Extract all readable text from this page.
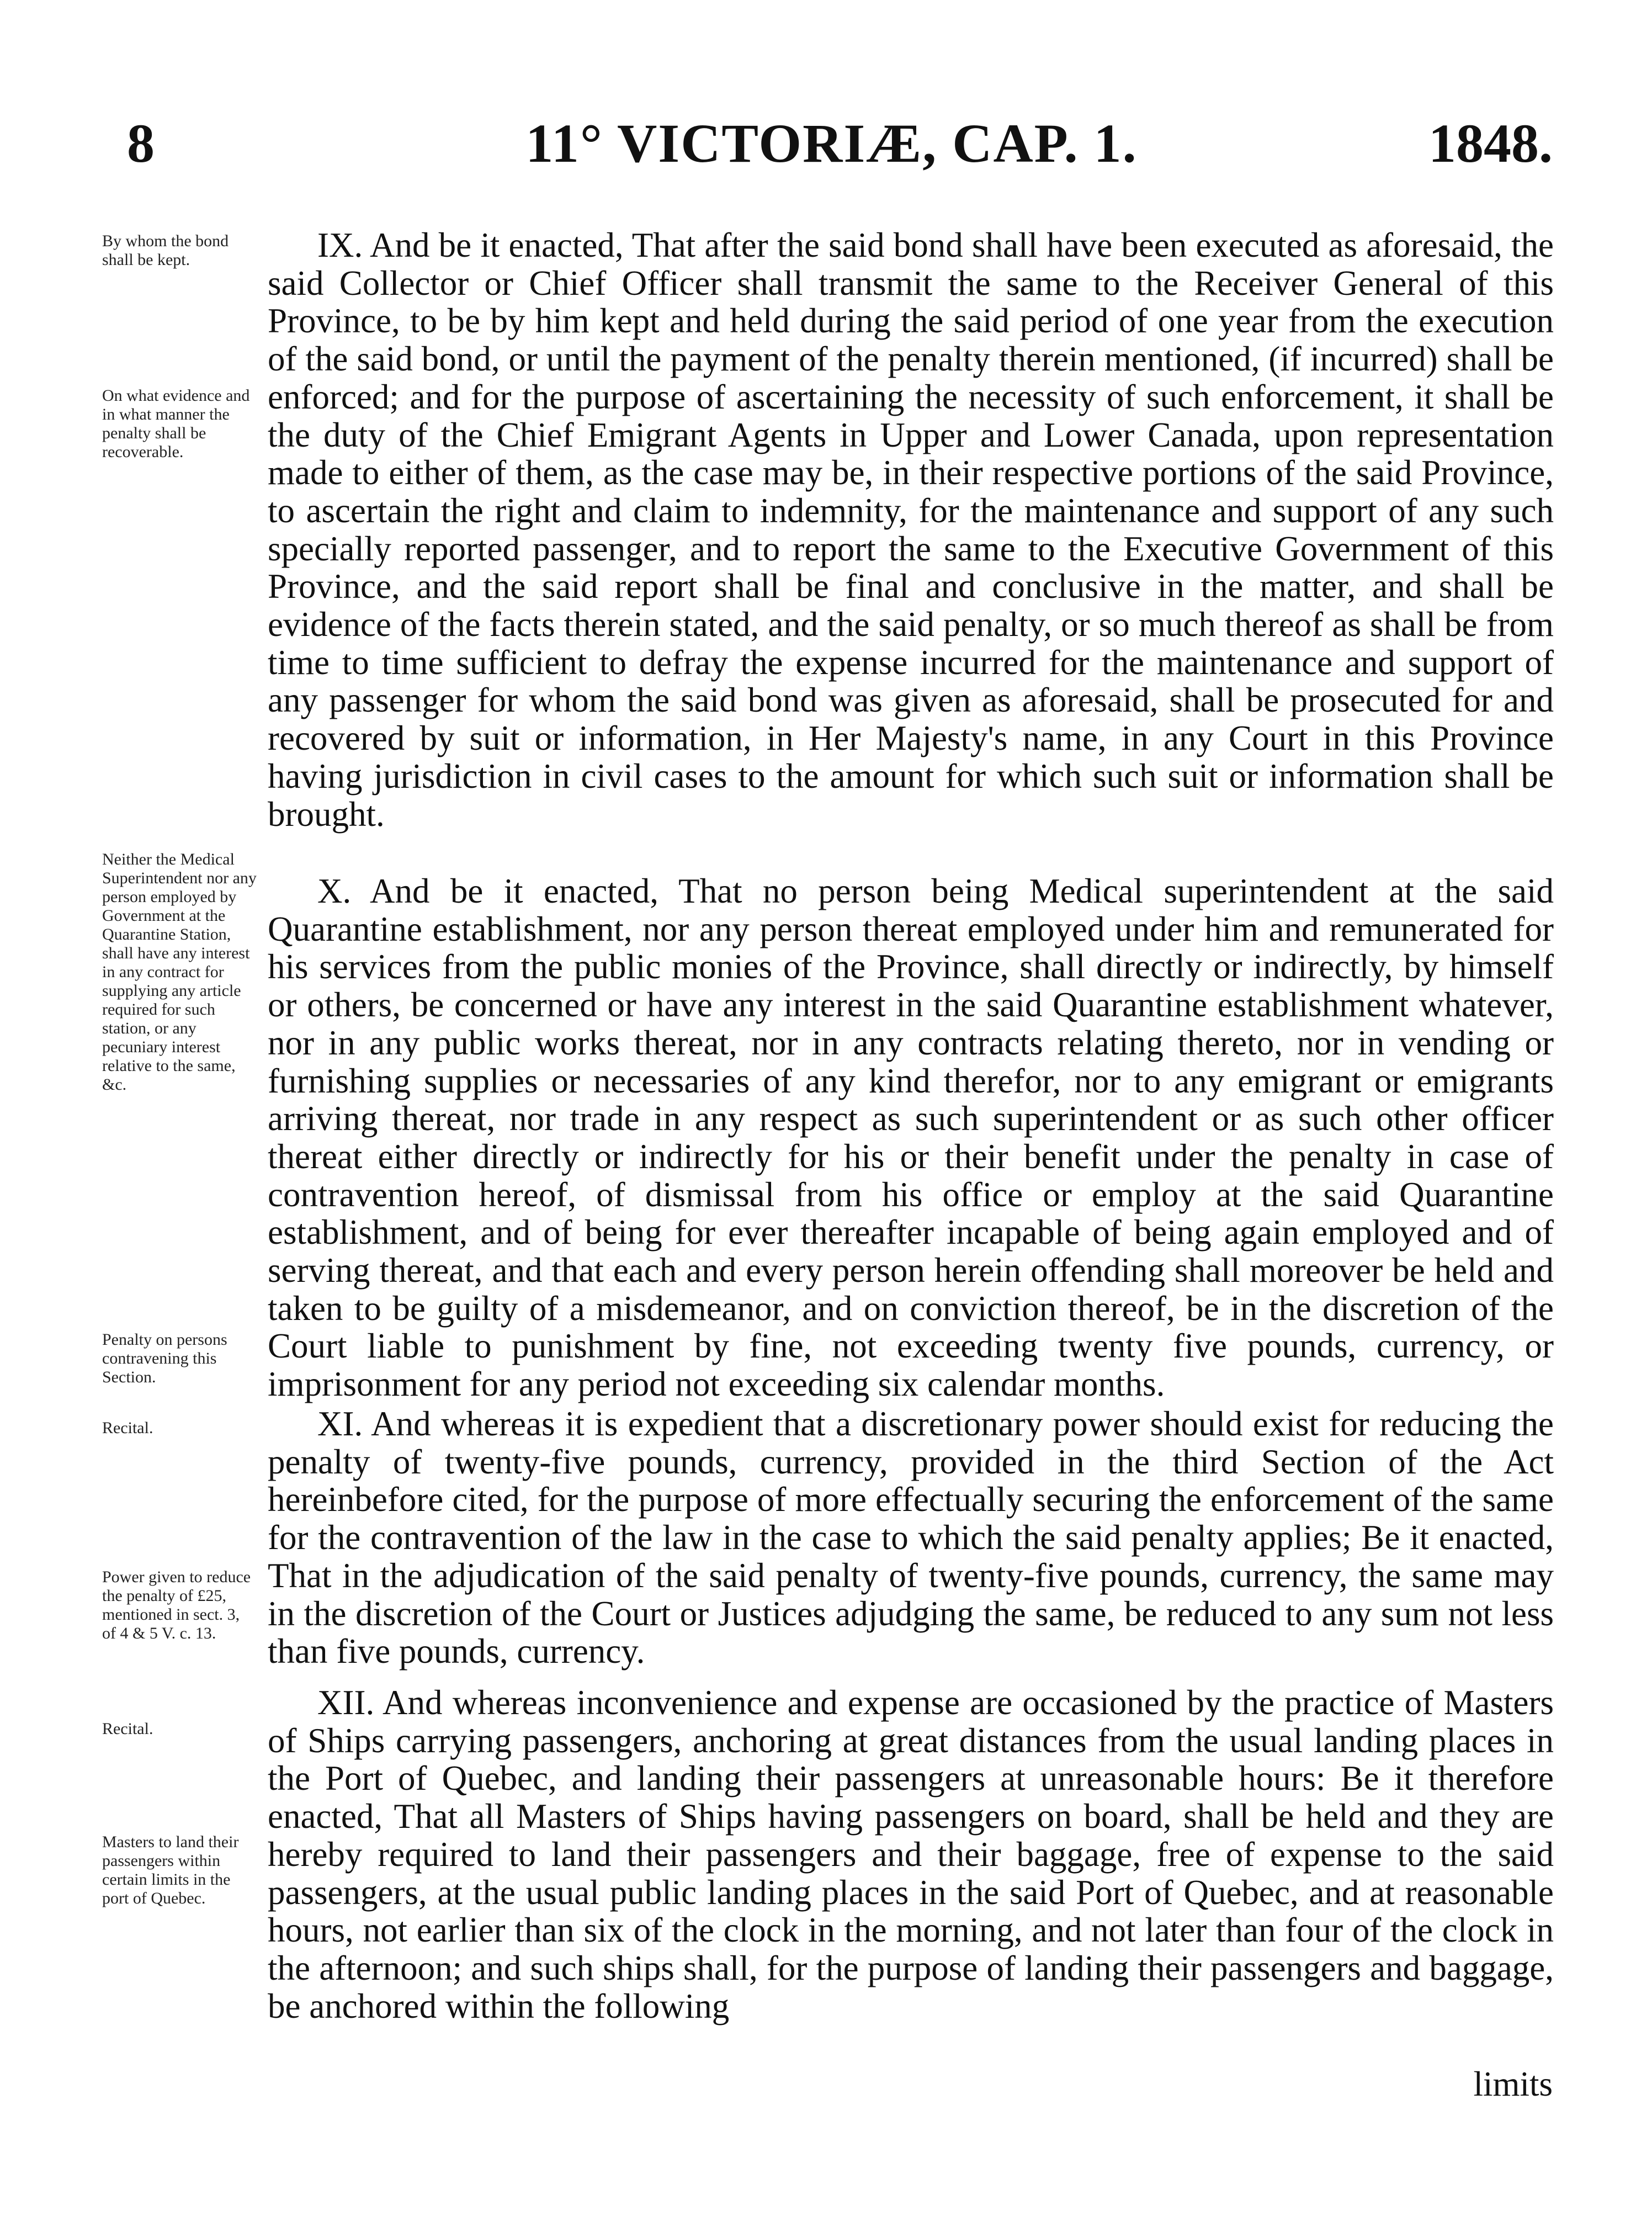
8	11° VICTORIÆ, CAP. 1.	1848.
By whom the bond shall be kept.
On what evidence and in what manner the penalty shall be recoverable.
Neither the Medical Superintendent nor any person employed by Government at the Quarantine Station, shall have any interest in any contract for supplying any article required for such station, or any pecuniary interest relative to the same, &c.
Penalty on persons contravening this Section.
Recital.
Power given to reduce the penalty of £25, mentioned in sect. 3, of 4 & 5 V. c. 13.
Recital.
Masters to land their passengers within certain limits in the port of Quebec.

IX. And be it enacted, That after the said bond shall have been executed as aforesaid, the said Collector or Chief Officer shall transmit the same to the Receiver General of this Province, to be by him kept and held during the said period of one year from the execution of the said bond, or until the payment of the penalty therein mentioned, (if incurred) shall be enforced; and for the purpose of ascertaining the necessity of such enforcement, it shall be the duty of the Chief Emigrant Agents in Upper and Lower Canada, upon representation made to either of them, as the case may be, in their respective portions of the said Province, to ascertain the right and claim to indemnity, for the maintenance and support of any such specially reported passenger, and to report the same to the Executive Government of this Province, and the said report shall be final and conclusive in the matter, and shall be evidence of the facts therein stated, and the said penalty, or so much thereof as shall be from time to time sufficient to defray the expense incurred for the maintenance and support of any passenger for whom the said bond was given as aforesaid, shall be prosecuted for and recovered by suit or information, in Her Majesty's name, in any Court in this Province having jurisdiction in civil cases to the amount for which such suit or information shall be brought.

X. And be it enacted, That no person being Medical superintendent at the said Quarantine establishment, nor any person thereat employed under him and remunerated for his services from the public monies of the Province, shall directly or indirectly, by himself or others, be concerned or have any interest in the said Quarantine establishment whatever, nor in any public works thereat, nor in any contracts relating thereto, nor in vending or furnishing supplies or necessaries of any kind therefor, nor to any emigrant or emigrants arriving thereat, nor trade in any respect as such superintendent or as such other officer thereat either directly or indirectly for his or their benefit under the penalty in case of contravention hereof, of dismissal from his office or employ at the said Quarantine establishment, and of being for ever thereafter incapable of being again employed and of serving thereat, and that each and every person herein offending shall moreover be held and taken to be guilty of a misdemeanor, and on conviction thereof, be in the discretion of the Court liable to punishment by fine, not exceeding twenty five pounds, currency, or imprisonment for any period not exceeding six calendar months.

XI. And whereas it is expedient that a discretionary power should exist for reducing the penalty of twenty-five pounds, currency, provided in the third Section of the Act hereinbefore cited, for the purpose of more effectually securing the enforcement of the same for the contravention of the law in the case to which the said penalty applies; Be it enacted, That in the adjudication of the said penalty of twenty-five pounds, currency, the same may in the discretion of the Court or Justices adjudging the same, be reduced to any sum not less than five pounds, currency.

XII. And whereas inconvenience and expense are occasioned by the practice of Masters of Ships carrying passengers, anchoring at great distances from the usual landing places in the Port of Quebec, and landing their passengers at unreasonable hours: Be it therefore enacted, That all Masters of Ships having passengers on board, shall be held and they are hereby required to land their passengers and their baggage, free of expense to the said passengers, at the usual public landing places in the said Port of Quebec, and at reasonable hours, not earlier than six of the clock in the morning, and not later than four of the clock in the afternoon; and such ships shall, for the purpose of landing their passengers and baggage, be anchored within the following

limits
